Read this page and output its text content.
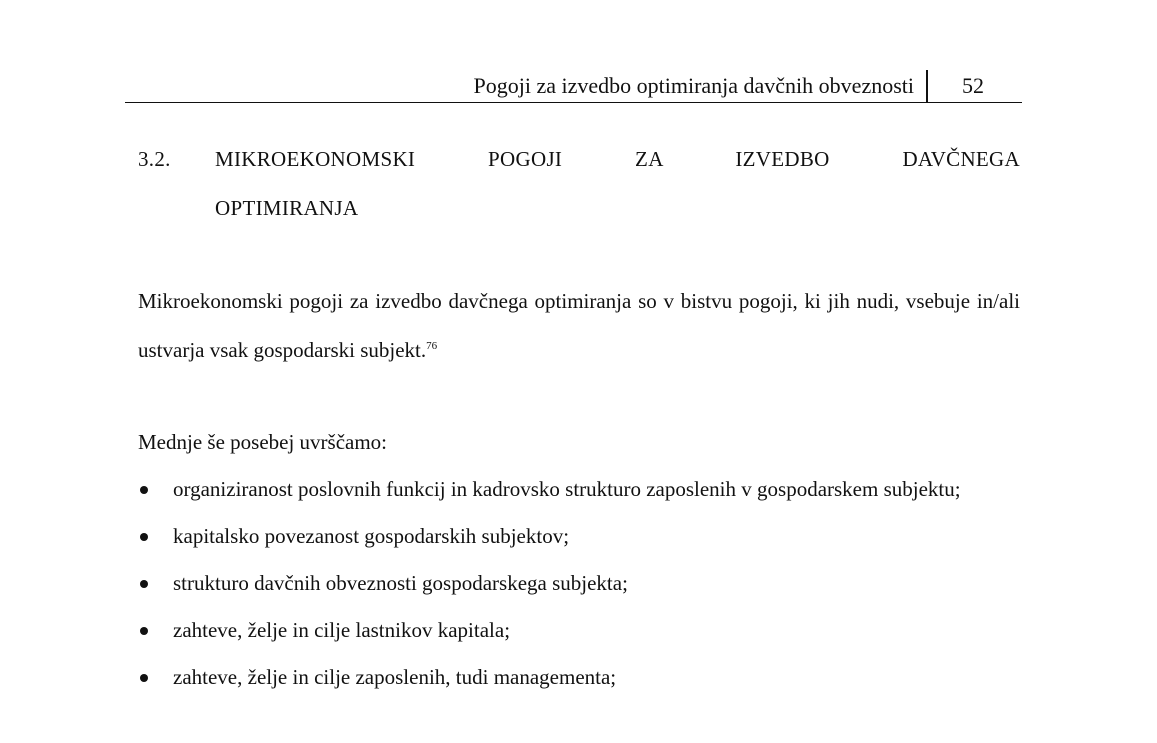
Pogoji za izvedbo optimiranja davčnih obveznosti 52
3.2. MIKROEKONOMSKI POGOJI ZA IZVEDBO DAVČNEGA
OPTIMIRANJA

Mikroekonomski pogoji za izvedbo davčnega optimiranja so v bistvu pogoji, ki jih nudi, vsebuje in/ali ustvarja vsak gospodarski subjekt.$^{76}$

Mednje še posebej uvrščamo:

organiziranost poslovnih funkcij in kadrovsko strukturo zaposlenih v gospodarskem subjektu;
kapitalsko povezanost gospodarskih subjektov;
strukturo davčnih obveznosti gospodarskega subjekta;
zahteve, želje in cilje lastnikov kapitala;
zahteve, želje in cilje zaposlenih, tudi managementa;
